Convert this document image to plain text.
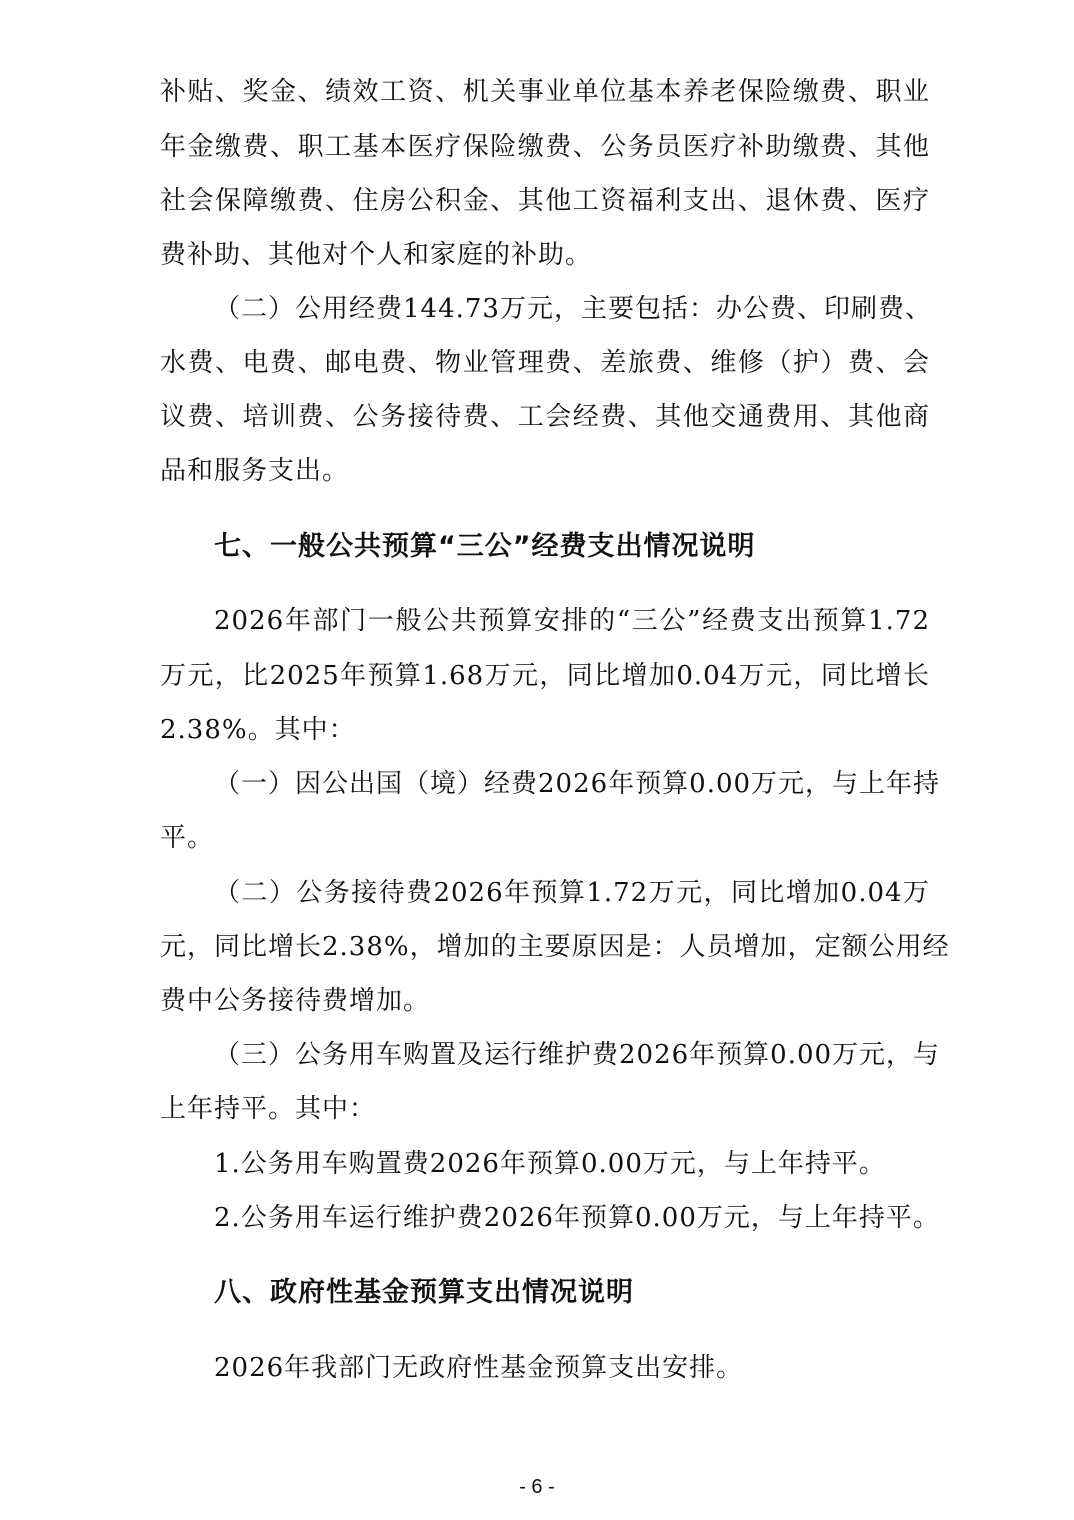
补贴、奖金、绩效工资、机关事业单位基本养老保险缴费、职业
年金缴费、职工基本医疗保险缴费、公务员医疗补助缴费、其他
社会保障缴费、住房公积金、其他工资福利支出、退休费、医疗
费补助、其他对个人和家庭的补助。
（二）公用经费144.73万元，主要包括：办公费、印刷费、
水费、电费、邮电费、物业管理费、差旅费、维修（护）费、会
议费、培训费、公务接待费、工会经费、其他交通费用、其他商
品和服务支出。
七、一般公共预算“三公”经费支出情况说明
2026年部门一般公共预算安排的“三公”经费支出预算1.72
万元，比2025年预算1.68万元，同比增加0.04万元，同比增长
2.38%。其中：
（一）因公出国（境）经费2026年预算0.00万元，与上年持
平。
（二）公务接待费2026年预算1.72万元，同比增加0.04万
元，同比增长2.38%，增加的主要原因是：人员增加，定额公用经
费中公务接待费增加。
（三）公务用车购置及运行维护费2026年预算0.00万元，与
上年持平。其中：
1.公务用车购置费2026年预算0.00万元，与上年持平。
2.公务用车运行维护费2026年预算0.00万元，与上年持平。
八、政府性基金预算支出情况说明
2026年我部门无政府性基金预算支出安排。
- 6 -
